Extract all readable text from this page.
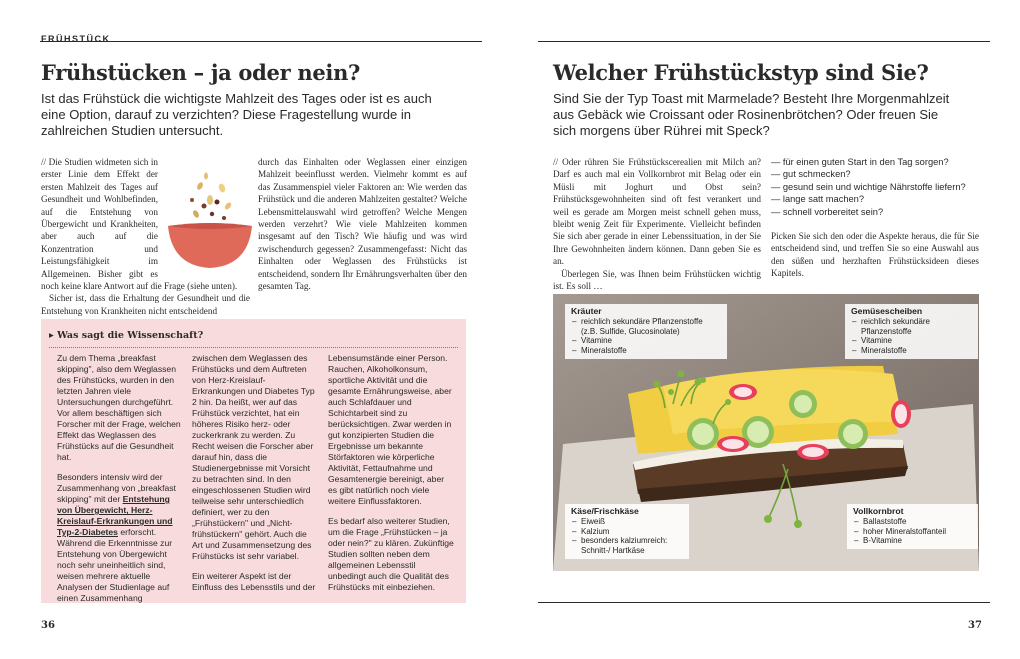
FRÜHSTÜCK
Frühstücken – ja oder nein?
Ist das Frühstück die wichtigste Mahlzeit des Tages oder ist es auch eine Option, darauf zu verzichten? Diese Fragestellung wurde in zahlreichen Studien untersucht.

// Die Studien widmeten sich in erster Linie dem Effekt der ersten Mahlzeit des Tages auf Gesundheit und Wohlbefinden, auf die Entstehung von Übergewicht und Krankheiten, aber auch auf die Konzentration und Leistungsfähigkeit im Allgemeinen. Bisher gibt es noch keine klare Antwort auf die Frage (siehe unten).

Sicher ist, dass die Erhaltung der Gesundheit und die Entstehung von Krankheiten nicht entscheidend

durch das Einhalten oder Weglassen einer einzigen Mahlzeit beeinflusst werden. Vielmehr kommt es auf das Zusammenspiel vieler Faktoren an: Wie werden das Frühstück und die anderen Mahlzeiten gestaltet? Welche Lebensmittelauswahl wird getroffen? Welche Mengen werden verzehrt? Wie viele Mahlzeiten kommen insgesamt auf den Tisch? Wie häufig und was wird zwischendurch gegessen? Zusammengefasst: Nicht das Einhalten oder Weglassen des Frühstücks ist entscheidend, sondern Ihr Ernährungsverhalten über den gesamten Tag.
▸ Was sagt die Wissenschaft?

Zu dem Thema „breakfast skipping", also dem Weglassen des Frühstücks, wurden in den letzten Jahren viele Untersuchungen durchgeführt. Vor allem beschäftigen sich Forscher mit der Frage, welchen Effekt das Weglassen des Frühstücks auf die Gesundheit hat.

Besonders intensiv wird der Zusammenhang von „breakfast skipping" mit der Entstehung von Übergewicht, Herz-Kreislauf-Erkrankungen und Typ-2-Diabetes erforscht. Während die Erkenntnisse zur Entstehung von Übergewicht noch sehr uneinheitlich sind, weisen mehrere aktuelle Analysen der Studienlage auf einen Zusammenhang

zwischen dem Weglassen des Frühstücks und dem Auftreten von Herz-Kreislauf-Erkrankungen und Diabetes Typ 2 hin. Da heißt, wer auf das Frühstück verzichtet, hat ein höheres Risiko herz- oder zuckerkrank zu werden. Zu Recht weisen die Forscher aber darauf hin, dass die Studienergebnisse mit Vorsicht zu betrachten sind. In den eingeschlossenen Studien wird teilweise sehr unterschiedlich definiert, wer zu den „Frühstückern" und „Nicht-frühstückern" gehört. Auch die Art und Zusammensetzung des Frühstücks ist sehr variabel.

Ein weiterer Aspekt ist der Einfluss des Lebensstils und der

Lebensumstände einer Person. Rauchen, Alkoholkonsum, sportliche Aktivität und die gesamte Ernährungsweise, aber auch Schlafdauer und Schichtarbeit sind zu berücksichtigen. Zwar werden in gut konzipierten Studien die Ergebnisse um bekannte Störfaktoren wie körperliche Aktivität, Fettaufnahme und Gesamtenergie bereinigt, aber es gibt natürlich noch viele weitere Einflussfaktoren.

Es bedarf also weiterer Studien, um die Frage „Frühstücken – ja oder nein?" zu klären. Zukünftige Studien sollten neben dem allgemeinen Lebensstil unbedingt auch die Qualität des Frühstücks mit einbeziehen.

36
Welcher Frühstückstyp sind Sie?
Sind Sie der Typ Toast mit Marmelade? Besteht Ihre Morgenmahlzeit aus Gebäck wie Croissant oder Rosinenbrötchen? Oder freuen Sie sich morgens über Rührei mit Speck?

// Oder rühren Sie Frühstückscerealien mit Milch an? Darf es auch mal ein Vollkornbrot mit Belag oder ein Müsli mit Joghurt und Obst sein? Frühstücksgewohnheiten sind oft fest verankert und weil es gerade am Morgen meist schnell gehen muss, bleibt wenig Zeit für Experimente. Vielleicht befinden Sie sich aber gerade in einer Lebenssituation, in der Sie Ihre Gewohnheiten ändern können. Dann geben Sie es an.

Überlegen Sie, was Ihnen beim Frühstücken wichtig ist. Es soll …

— für einen guten Start in den Tag sorgen?
— gut schmecken?
— gesund sein und wichtige Nährstoffe liefern?
— lange satt machen?
— schnell vorbereitet sein?
Picken Sie sich den oder die Aspekte heraus, die für Sie entscheidend sind, und treffen Sie so eine Auswahl aus den süßen und herzhaften Frühstücksideen dieses Kapitels.
Kräuter
– reichlich sekundäre Pflanzenstoffe (z.B. Sulfide, Glucosinolate)
– Vitamine
– Mineralstoffe
Gemüsescheiben
– reichlich sekundäre Pflanzenstoffe
– Vitamine
– Mineralstoffe
Käse/Frischkäse
– Eiweiß
– Kalzium
– besonders kalziumreich: Schnitt-/ Hartkäse
Vollkornbrot
– Ballaststoffe
– hoher Mineralstoffanteil
– B-Vitamine
37
